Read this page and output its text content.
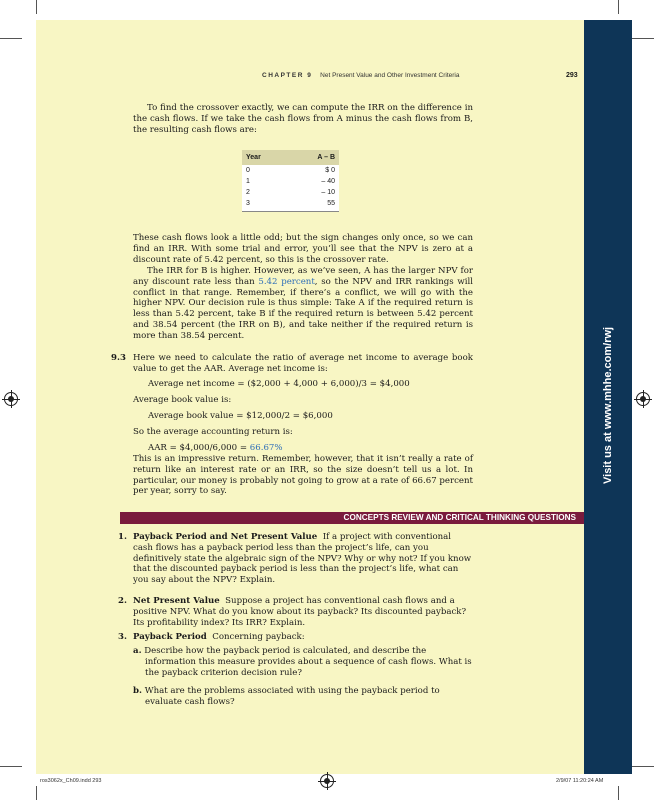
Visit us at www.mhhe.com/rwj
CHAPTER 9 Net Present Value and Other Investment Criteria	293
To find the crossover exactly, we can compute the IRR on the difference in the cash flows. If we take the cash flows from A minus the cash flows from B, the resulting cash flows are:
Year	A – B
0	$ 0
1	– 40
2	– 10
3	55
These cash flows look a little odd; but the sign changes only once, so we can find an IRR. With some trial and error, you’ll see that the NPV is zero at a discount rate of 5.42 percent, so this is the crossover rate.
The IRR for B is higher. However, as we’ve seen, A has the larger NPV for any discount rate less than 5.42 percent, so the NPV and IRR rankings will conflict in that range. Remember, if there’s a conflict, we will go with the higher NPV. Our decision rule is thus simple: Take A if the required return is less than 5.42 percent, take B if the required return is between 5.42 percent and 38.54 percent (the IRR on B), and take neither if the required return is more than 38.54 percent.
9.3 Here we need to calculate the ratio of average net income to average book value to get the AAR. Average net income is:
Average net income = ($2,000 + 4,000 + 6,000)/3 = $4,000
Average book value is:
Average book value = $12,000/2 = $6,000
So the average accounting return is:
AAR = $4,000/6,000 = 66.67%
This is an impressive return. Remember, however, that it isn’t really a rate of return like an interest rate or an IRR, so the size doesn’t tell us a lot. In particular, our money is probably not going to grow at a rate of 66.67 percent per year, sorry to say.
CONCEPTS REVIEW AND CRITICAL THINKING QUESTIONS
1. Payback Period and Net Present Value If a project with conventional cash flows has a payback period less than the project’s life, can you definitively state the algebraic sign of the NPV? Why or why not? If you know that the discounted payback period is less than the project’s life, what can you say about the NPV? Explain.
2. Net Present Value Suppose a project has conventional cash flows and a positive NPV. What do you know about its payback? Its discounted payback? Its profitability index? Its IRR? Explain.
3. Payback Period Concerning payback:
a. Describe how the payback period is calculated, and describe the information this measure provides about a sequence of cash flows. What is the payback criterion decision rule?
b. What are the problems associated with using the payback period to evaluate cash flows?
ros3062x_Ch09.indd 293	2/9/07 11:20:24 AM
